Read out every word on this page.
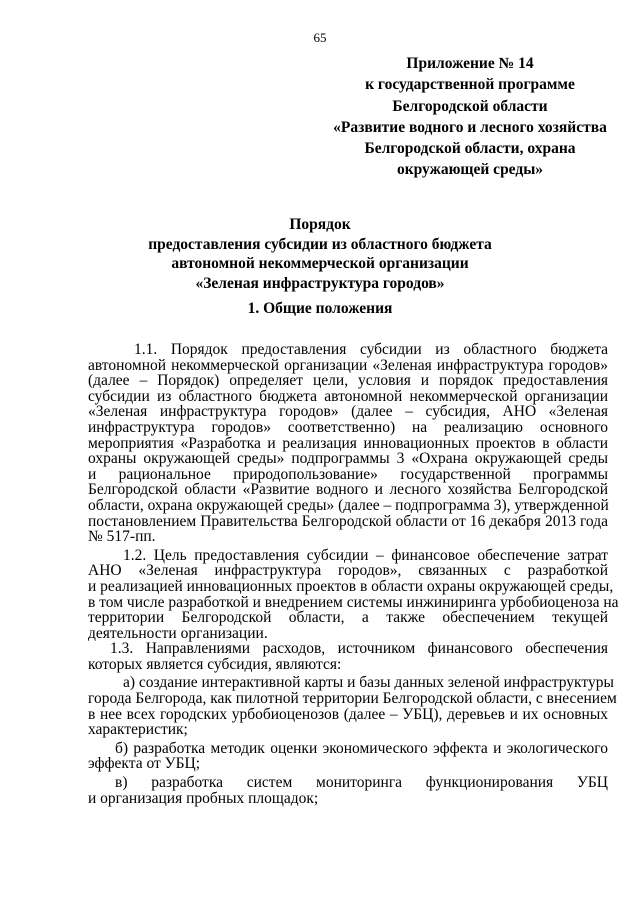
65
Приложение № 14
к государственной программе
Белгородской области
«Развитие водного и лесного хозяйства
Белгородской области, охрана
окружающей среды»
Порядок
предоставления субсидии из областного бюджета
автономной некоммерческой организации
«Зеленая инфраструктура городов»
1. Общие положения
1.1. Порядок предоставления субсидии из областного бюджета
автономной некоммерческой организации «Зеленая инфраструктура городов»
(далее – Порядок) определяет цели, условия и порядок предоставления
субсидии из областного бюджета автономной некоммерческой организации
«Зеленая инфраструктура городов» (далее – субсидия, АНО «Зеленая
инфраструктура городов» соответственно) на реализацию основного
мероприятия «Разработка и реализация инновационных проектов в области
охраны окружающей среды» подпрограммы 3 «Охрана окружающей среды
и рациональное природопользование» государственной программы
Белгородской области «Развитие водного и лесного хозяйства Белгородской
области, охрана окружающей среды» (далее – подпрограмма 3), утвержденной
постановлением Правительства Белгородской области от 16 декабря 2013 года
№ 517-пп.
1.2. Цель предоставления субсидии – финансовое обеспечение затрат
АНО «Зеленая инфраструктура городов», связанных с разработкой
и реализацией инновационных проектов в области охраны окружающей среды,
в том числе разработкой и внедрением системы инжиниринга урбобиоценоза на
территории Белгородской области, а также обеспечением текущей
деятельности организации.
1.3. Направлениями расходов, источником финансового обеспечения
которых является субсидия, являются:
а) создание интерактивной карты и базы данных зеленой инфраструктуры
города Белгорода, как пилотной территории Белгородской области, с внесением
в нее всех городских урбобиоценозов (далее – УБЦ), деревьев и их основных
характеристик;
б) разработка методик оценки экономического эффекта и экологического
эффекта от УБЦ;
в) разработка систем мониторинга функционирования УБЦ
и организация пробных площадок;
